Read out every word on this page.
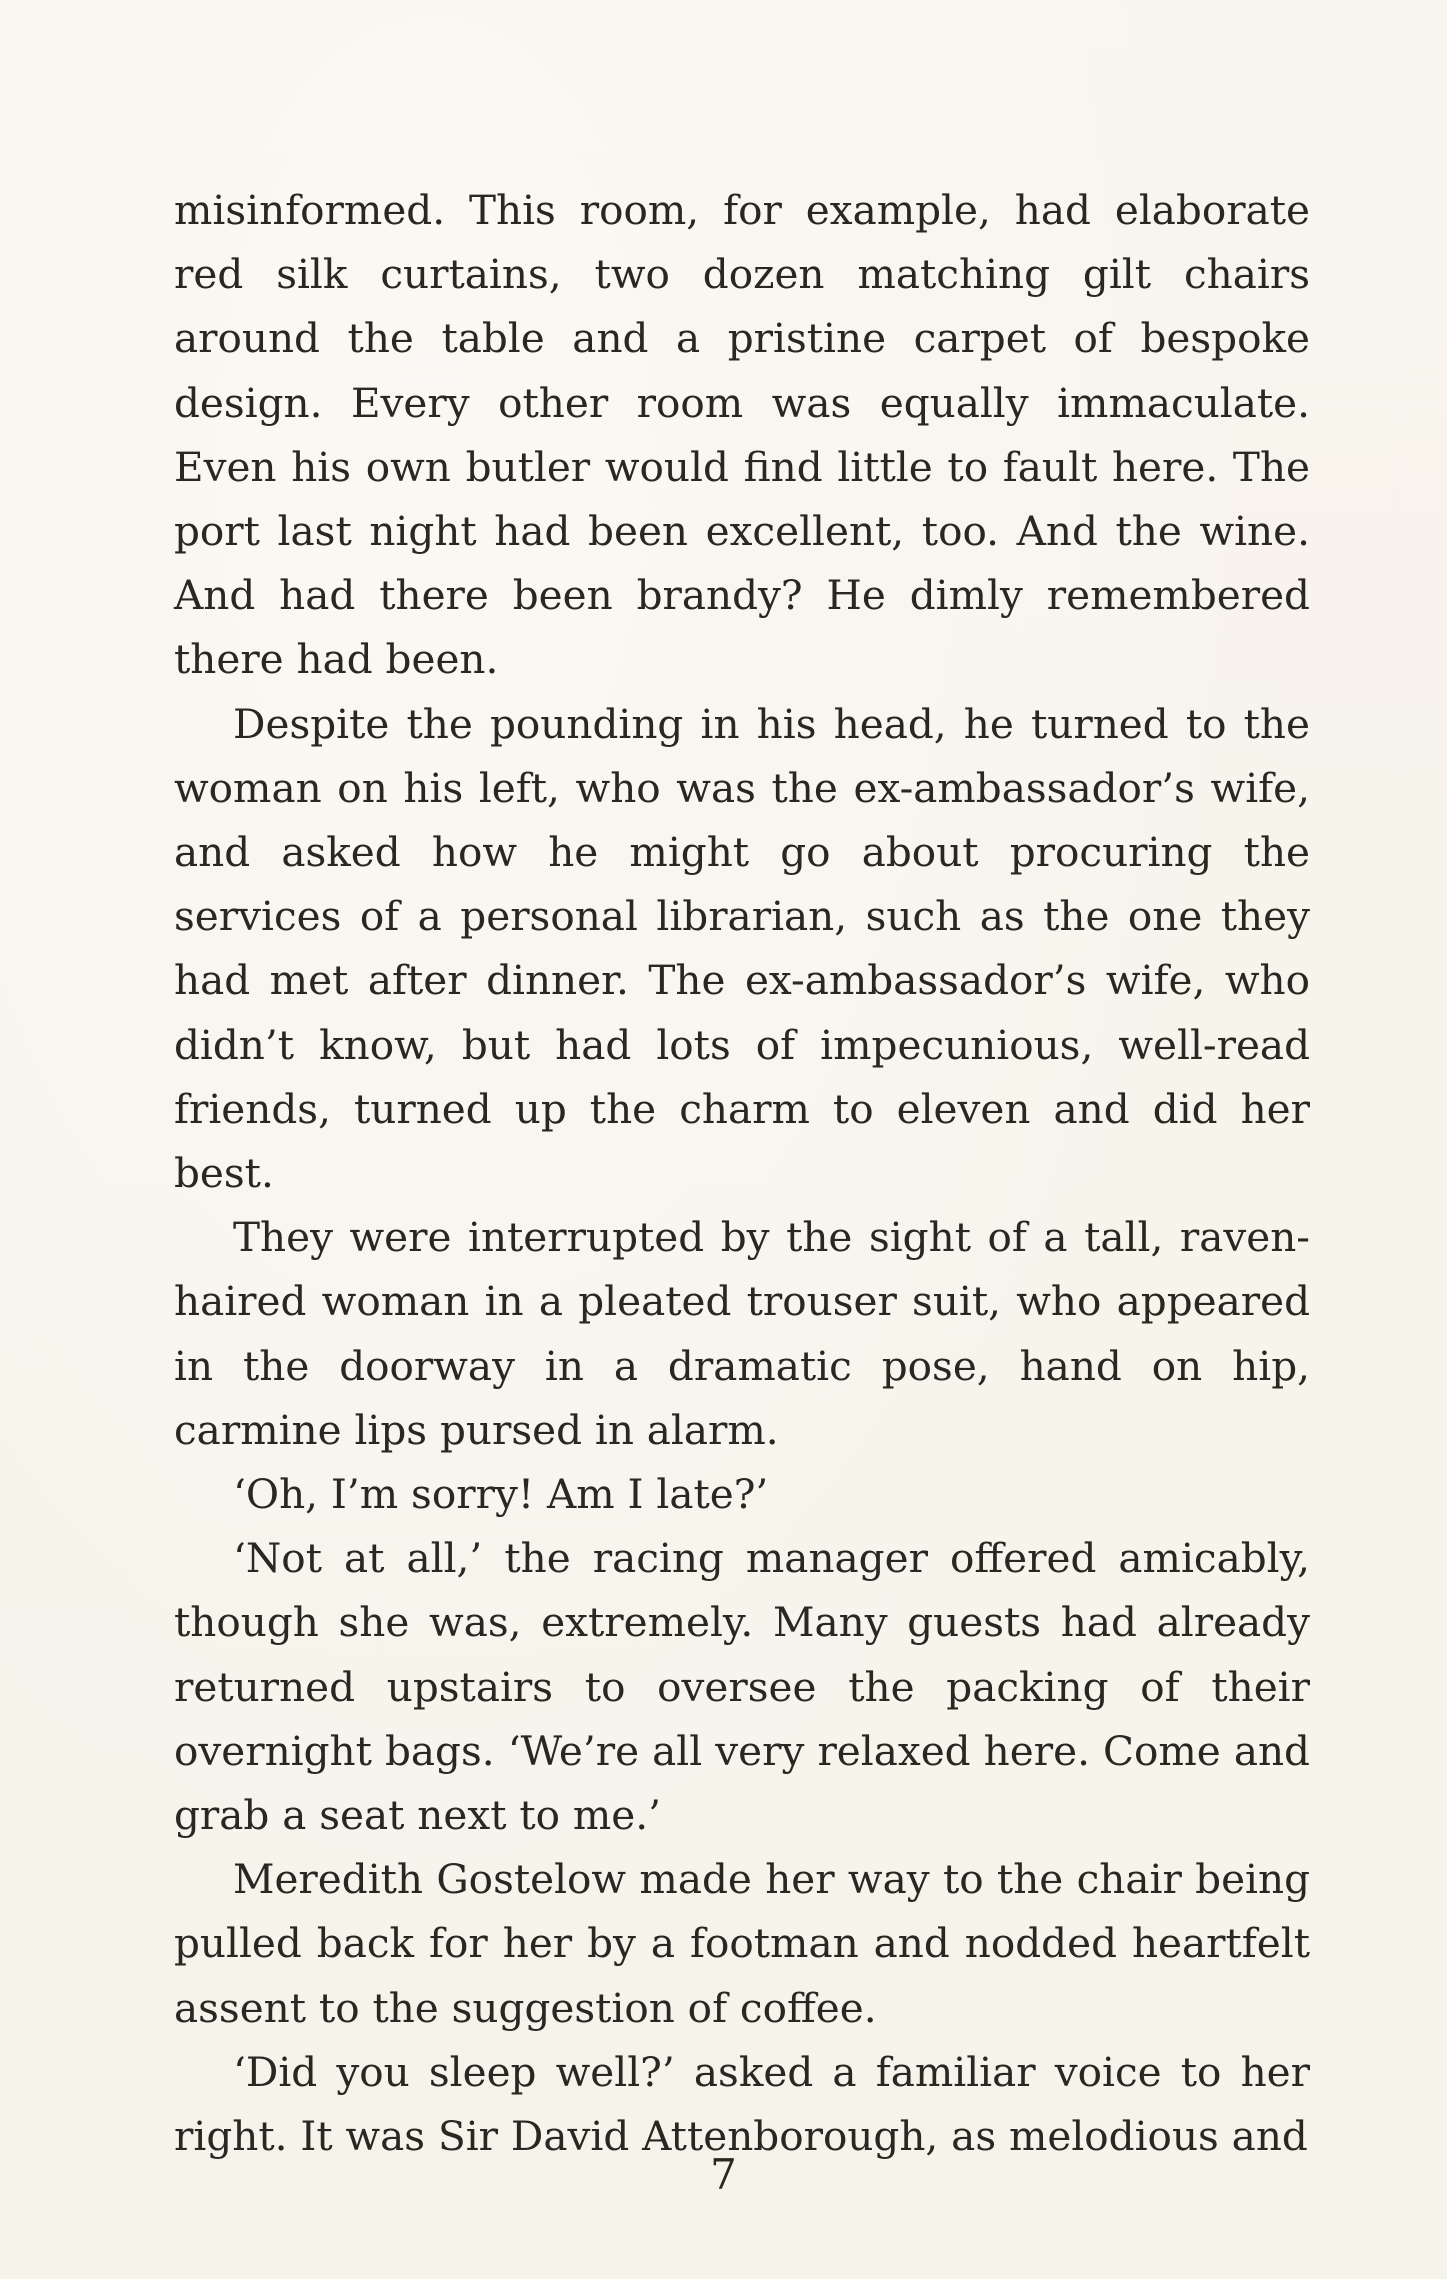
misinformed. This room, for example, had elaborate red silk curtains, two dozen matching gilt chairs around the table and a pristine carpet of bespoke design. Every other room was equally immaculate. Even his own butler would find little to fault here. The port last night had been excellent, too. And the wine. And had there been brandy? He dimly remembered there had been.

Despite the pounding in his head, he turned to the woman on his left, who was the ex-ambassador’s wife, and asked how he might go about procuring the services of a personal librarian, such as the one they had met after dinner. The ex-ambassador’s wife, who didn’t know, but had lots of impecunious, well-read friends, turned up the charm to eleven and did her best.

They were interrupted by the sight of a tall, raven-haired woman in a pleated trouser suit, who appeared in the doorway in a dramatic pose, hand on hip, carmine lips pursed in alarm.

‘Oh, I’m sorry! Am I late?’

‘Not at all,’ the racing manager offered amicably, though she was, extremely. Many guests had already returned upstairs to oversee the packing of their overnight bags. ‘We’re all very relaxed here. Come and grab a seat next to me.’

Meredith Gostelow made her way to the chair being pulled back for her by a footman and nodded heartfelt assent to the suggestion of coffee.

‘Did you sleep well?’ asked a familiar voice to her right. It was Sir David Attenborough, as melodious and

7
